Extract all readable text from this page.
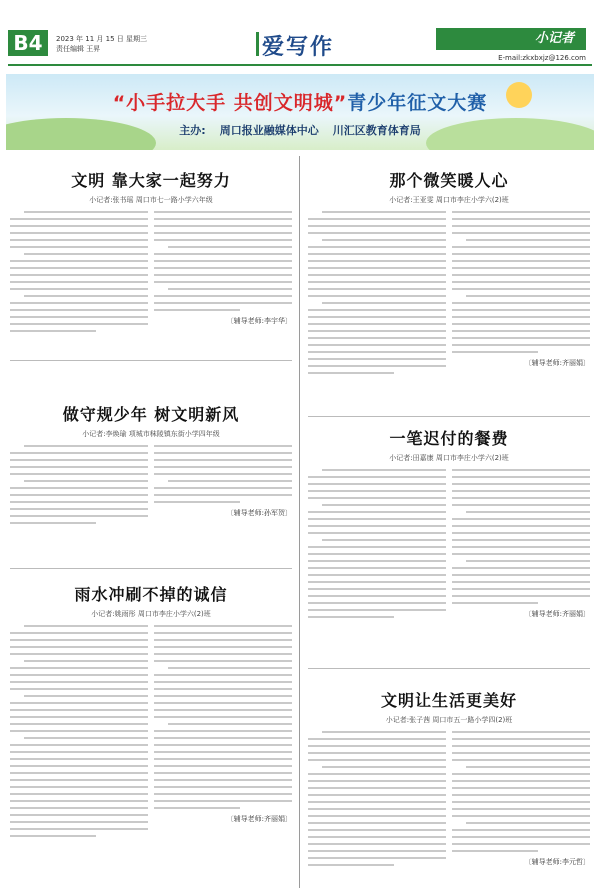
B4	2023 年 11 月 15 日 星期三
责任编辑 王昇	爱写作	小记者
E-mail:zkxbxjz@126.com
“小手拉大手 共创文明城”青少年征文大赛
主办: 周口报业融媒体中心 川汇区教育体育局
文明 靠大家一起努力
小记者:张书瑶 周口市七一路小学六年级
〔辅导老师:李宇华〕
做守规少年 树文明新风
小记者:李焕瑜 项城市秣陵镇东街小学四年级
〔辅导老师:孙军贺〕
雨水冲刷不掉的诚信
小记者:姚雨彤 周口市李庄小学六(2)班
〔辅导老师:齐丽娟〕
那个微笑暖人心
小记者:王亚雯 周口市李庄小学六(2)班
〔辅导老师:齐丽娟〕
一笔迟付的餐费
小记者:田嘉康 周口市李庄小学六(2)班
〔辅导老师:齐丽娟〕
文明让生活更美好
小记者:张子茜 周口市五一路小学四(2)班
〔辅导老师:李元哲〕
